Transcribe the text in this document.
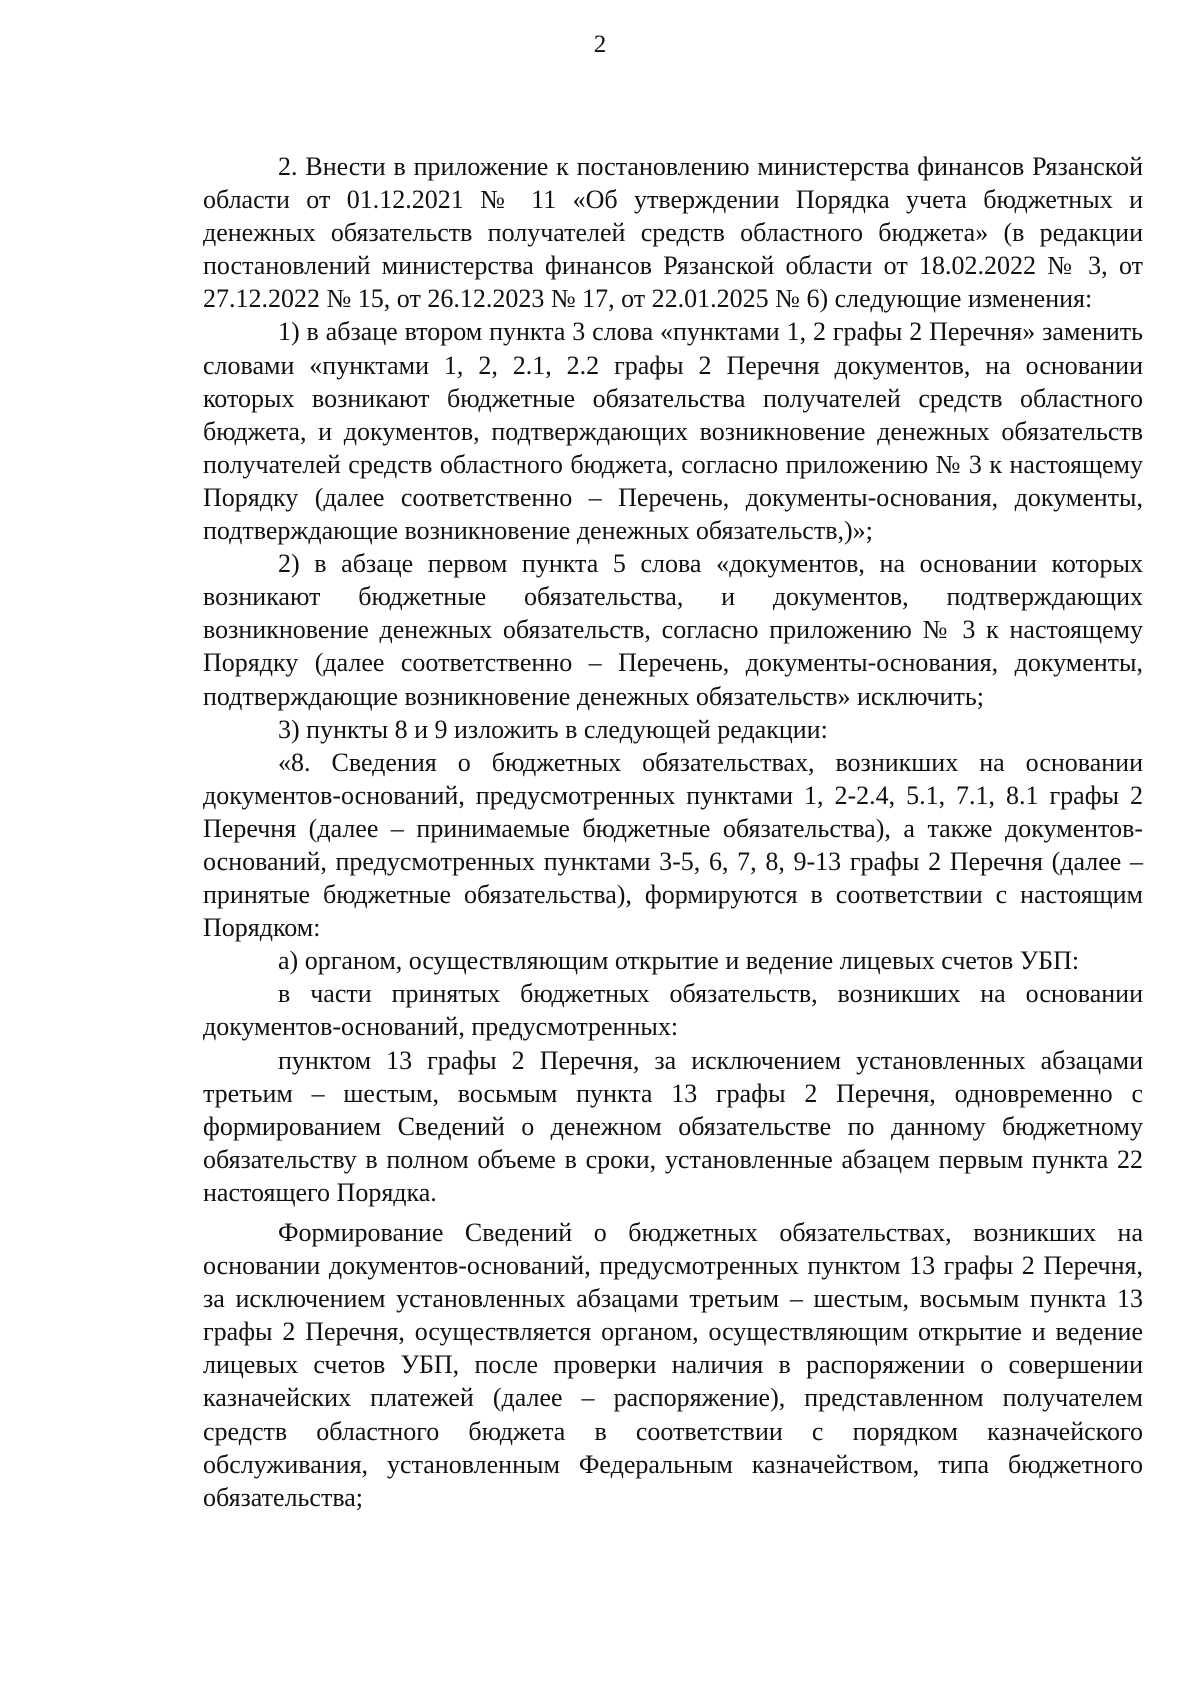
2

2. Внести в приложение к постановлению министерства финансов Рязанской области от 01.12.2021 № 11 «Об утверждении Порядка учета бюджетных и денежных обязательств получателей средств областного бюджета» (в редакции постановлений министерства финансов Рязанской области от 18.02.2022 № 3, от 27.12.2022 № 15, от 26.12.2023 № 17, от 22.01.2025 № 6) следующие изменения:

1) в абзаце втором пункта 3 слова «пунктами 1, 2 графы 2 Перечня» заменить словами «пунктами 1, 2, 2.1, 2.2 графы 2 Перечня документов, на основании которых возникают бюджетные обязательства получателей средств областного бюджета, и документов, подтверждающих возникновение денежных обязательств получателей средств областного бюджета, согласно приложению № 3 к настоящему Порядку (далее соответственно – Перечень, документы-основания, документы, подтверждающие возникновение денежных обязательств,)»;

2) в абзаце первом пункта 5 слова «документов, на основании которых возникают бюджетные обязательства, и документов, подтверждающих возникновение денежных обязательств, согласно приложению № 3 к настоящему Порядку (далее соответственно – Перечень, документы-основания, документы, подтверждающие возникновение денежных обязательств» исключить;

3) пункты 8 и 9 изложить в следующей редакции:

«8. Сведения о бюджетных обязательствах, возникших на основании документов-оснований, предусмотренных пунктами 1, 2-2.4, 5.1, 7.1, 8.1 графы 2 Перечня (далее – принимаемые бюджетные обязательства), а также документов-оснований, предусмотренных пунктами 3-5, 6, 7, 8, 9-13 графы 2 Перечня (далее – принятые бюджетные обязательства), формируются в соответствии с настоящим Порядком:

а) органом, осуществляющим открытие и ведение лицевых счетов УБП:

в части принятых бюджетных обязательств, возникших на основании документов-оснований, предусмотренных:

пунктом 13 графы 2 Перечня, за исключением установленных абзацами третьим – шестым, восьмым пункта 13 графы 2 Перечня, одновременно с формированием Сведений о денежном обязательстве по данному бюджетному обязательству в полном объеме в сроки, установленные абзацем первым пункта 22 настоящего Порядка.

Формирование Сведений о бюджетных обязательствах, возникших на основании документов-оснований, предусмотренных пунктом 13 графы 2 Перечня, за исключением установленных абзацами третьим – шестым, восьмым пункта 13 графы 2 Перечня, осуществляется органом, осуществляющим открытие и ведение лицевых счетов УБП, после проверки наличия в распоряжении о совершении казначейских платежей (далее – распоряжение), представленном получателем средств областного бюджета в соответствии с порядком казначейского обслуживания, установленным Федеральным казначейством, типа бюджетного обязательства;
